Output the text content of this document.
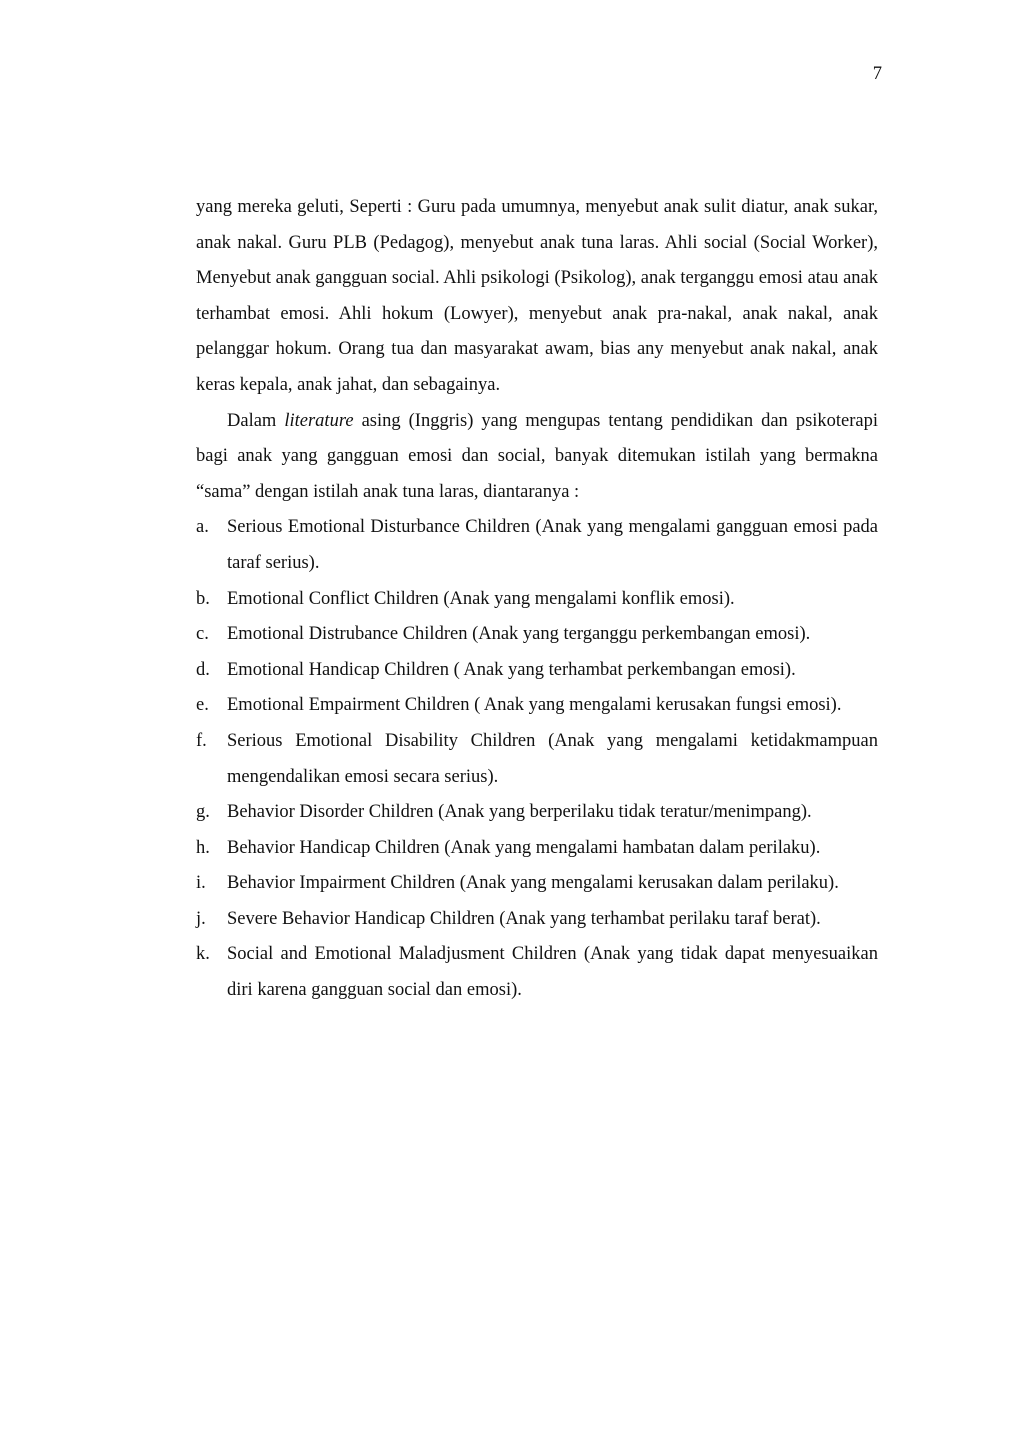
7

yang mereka geluti, Seperti : Guru pada umumnya, menyebut anak sulit diatur, anak sukar, anak nakal. Guru PLB (Pedagog), menyebut anak tuna laras. Ahli social (Social Worker), Menyebut anak gangguan social. Ahli psikologi (Psikolog), anak terganggu emosi atau anak terhambat emosi. Ahli hokum (Lowyer), menyebut anak pra-nakal, anak nakal, anak pelanggar hokum. Orang tua dan masyarakat awam, bias any menyebut anak nakal, anak keras kepala, anak jahat, dan sebagainya.

Dalam literature asing (Inggris) yang mengupas tentang pendidikan dan psikoterapi bagi anak yang gangguan emosi dan social, banyak ditemukan istilah yang bermakna “sama” dengan istilah anak tuna laras, diantaranya :

a. Serious Emotional Disturbance Children (Anak yang mengalami gangguan emosi pada taraf serius).
b. Emotional Conflict Children (Anak yang mengalami konflik emosi).
c. Emotional Distrubance Children (Anak yang terganggu perkembangan emosi).
d. Emotional Handicap Children ( Anak yang terhambat perkembangan emosi).
e. Emotional Empairment Children ( Anak yang mengalami kerusakan fungsi emosi).
f.	Serious Emotional Disability Children (Anak yang mengalami ketidakmampuan mengendalikan emosi secara serius).
g. Behavior Disorder Children (Anak yang berperilaku tidak teratur/menimpang).
h. Behavior Handicap Children (Anak yang mengalami hambatan dalam perilaku).
i.	Behavior Impairment Children (Anak yang mengalami kerusakan dalam perilaku).
j.	Severe Behavior Handicap Children (Anak yang terhambat perilaku taraf berat).
k. Social and Emotional Maladjusment Children (Anak yang tidak dapat menyesuaikan diri karena gangguan social dan emosi).
